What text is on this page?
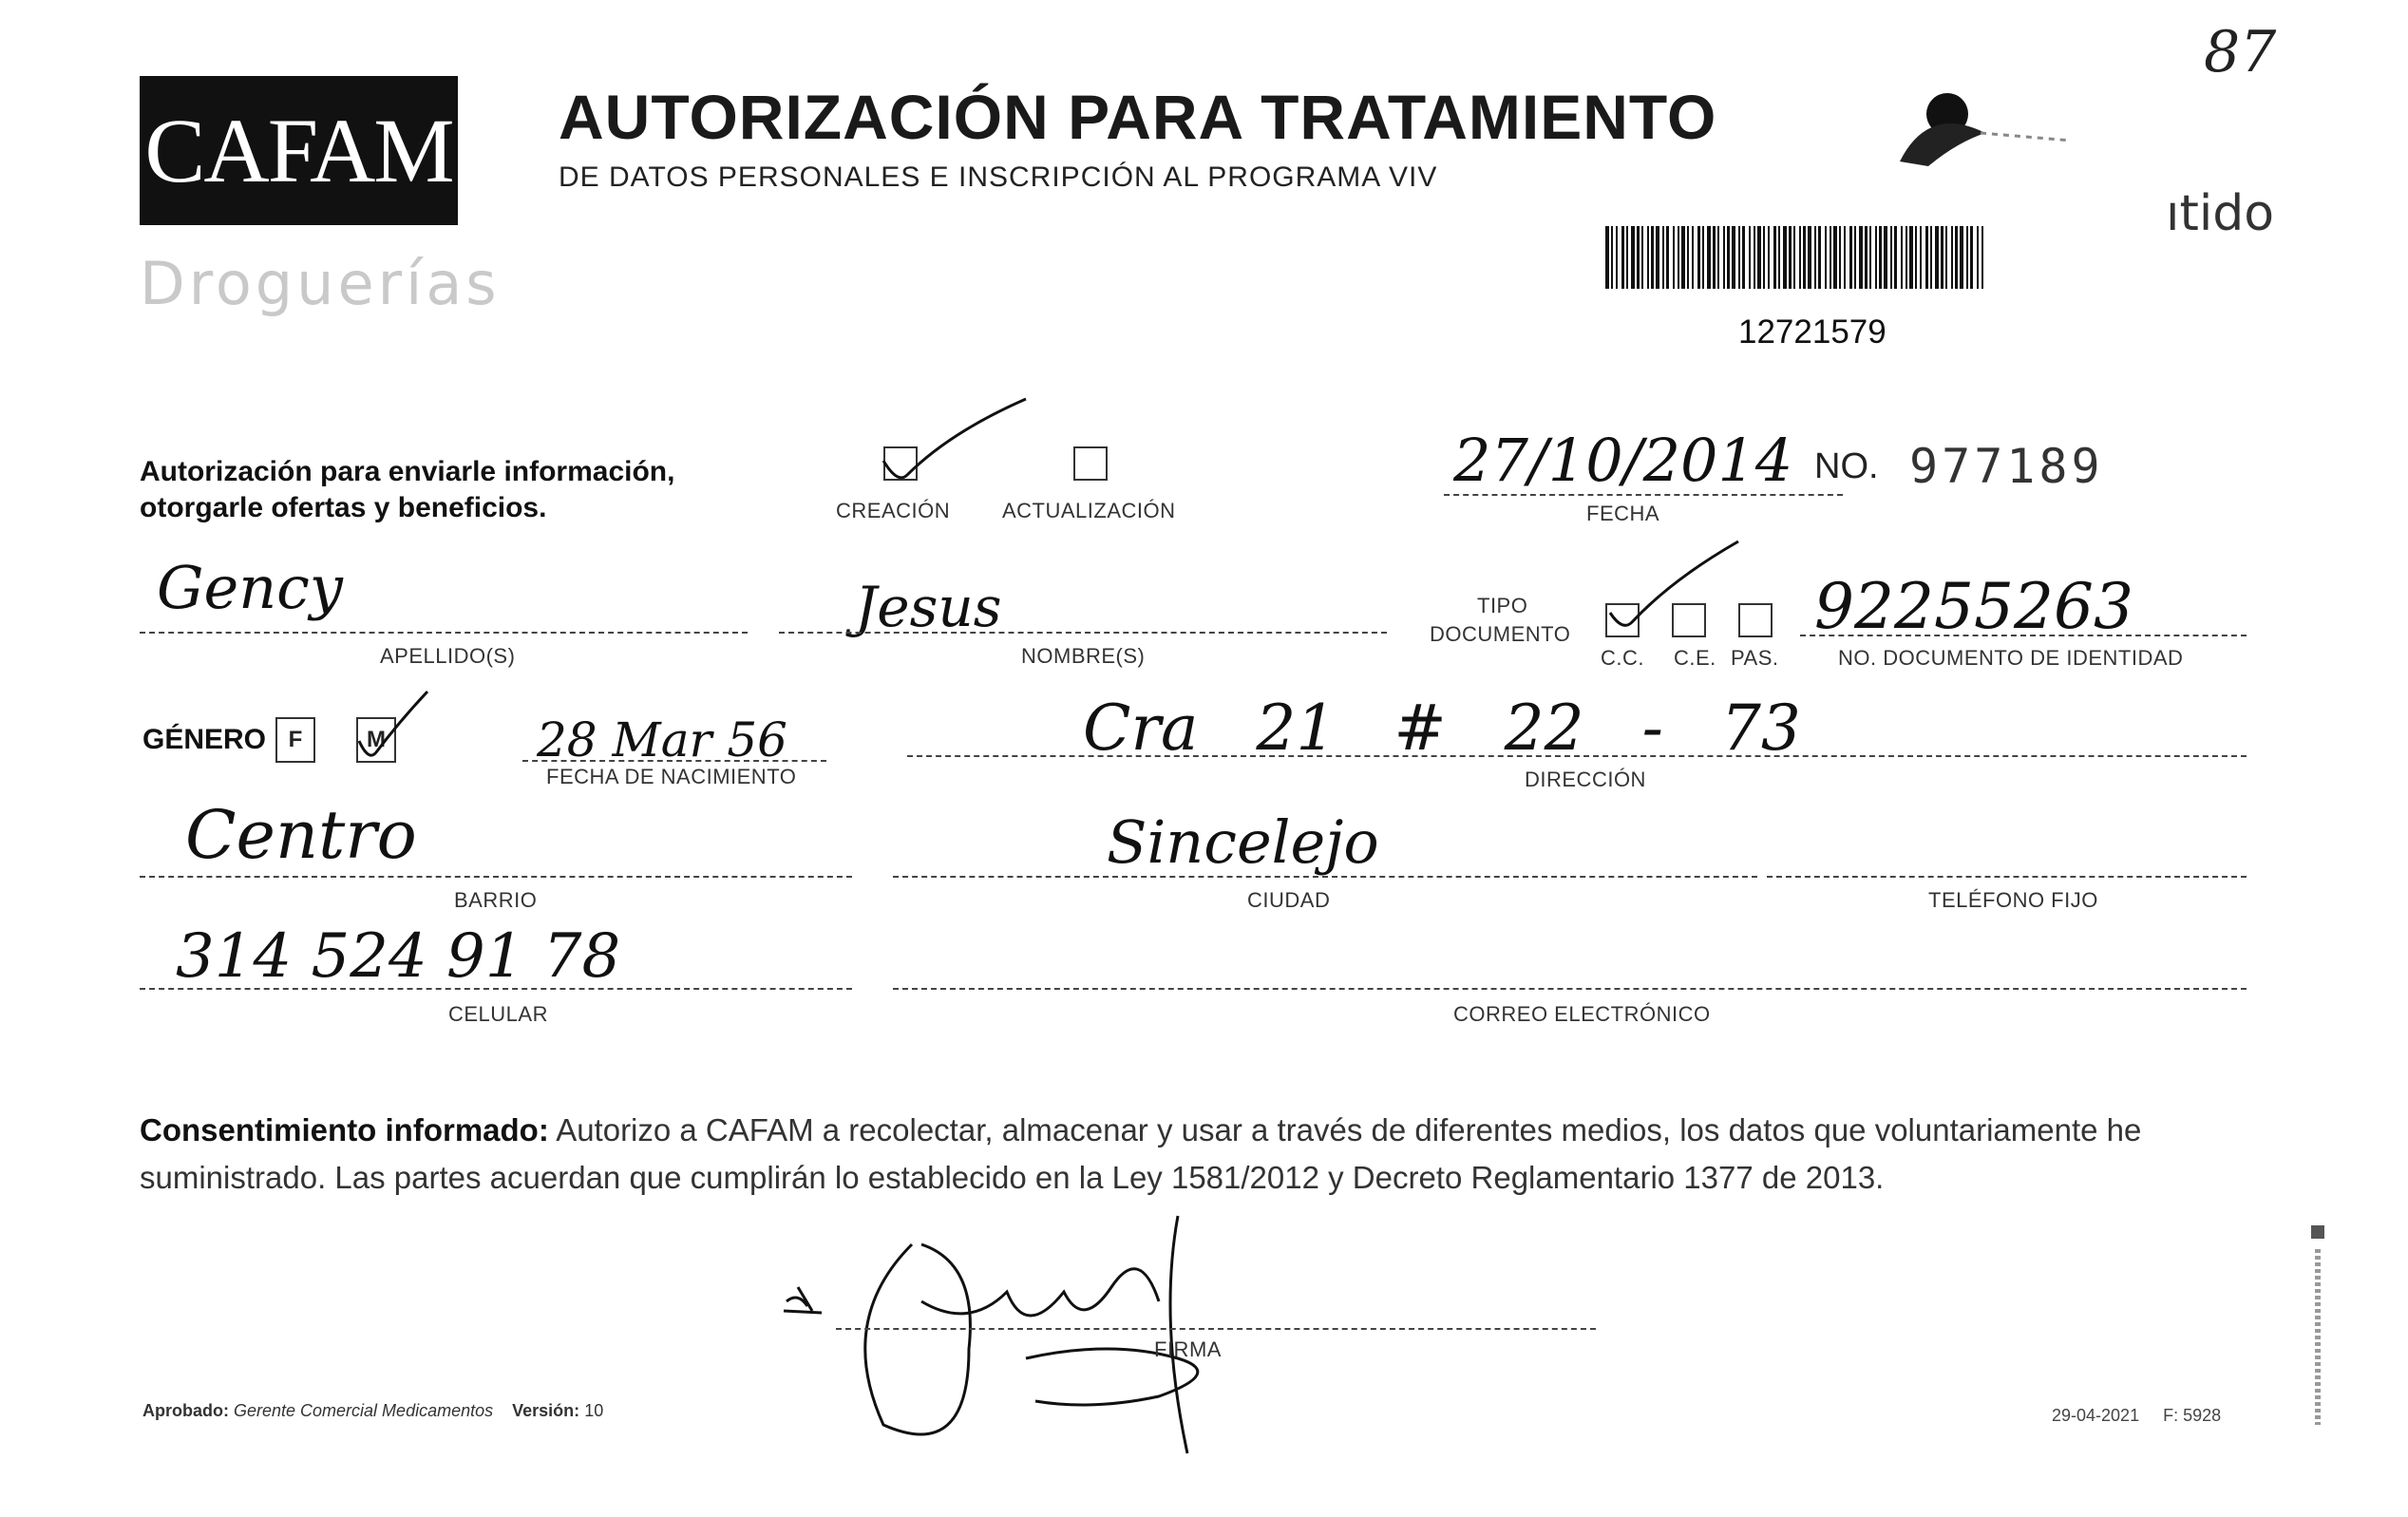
CAFAM
Droguerías
AUTORIZACIÓN PARA TRATAMIENTO
DE DATOS PERSONALES E INSCRIPCIÓN AL PROGRAMA VIV
ıtido
12721579
87
Autorización para enviarle información, otorgarle ofertas y beneficios.	CREACIÓN ACTUALIZACIÓN
27/10/2014
FECHA
NO. 977189
Gency
APELLIDO(S)
Jesus
NOMBRE(S)
TIPO
DOCUMENTO
C.C. C.E. PAS.
92255263
NO. DOCUMENTO DE IDENTIDAD
GÉNERO F	M	28 Mar 56
FECHA DE NACIMIENTO
Cra 21 # 22 - 73
DIRECCIÓN
Centro
BARRIO
Sincelejo
CIUDAD	TELÉFONO FIJO
314 524 91 78
CELULAR	CORREO ELECTRÓNICO
Consentimiento informado: Autorizo a CAFAM a recolectar, almacenar y usar a través de diferentes medios, los datos que voluntariamente he suministrado. Las partes acuerdan que cumplirán lo establecido en la Ley 1581/2012 y Decreto Reglamentario 1377 de 2013.
FIRMA
Aprobado: Gerente Comercial Medicamentos Versión: 10	29-04-2021 F: 5928
